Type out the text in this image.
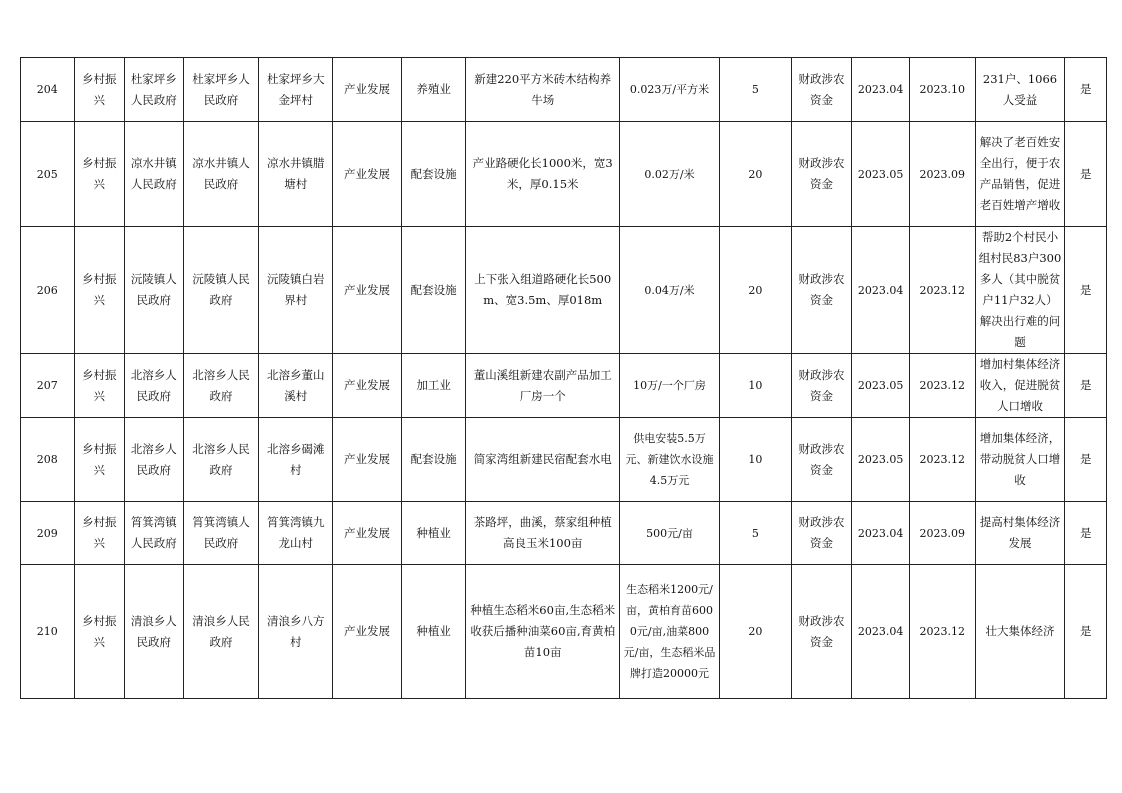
204	乡村振兴	杜家坪乡人民政府	杜家坪乡人民政府	杜家坪乡大金坪村	产业发展	养殖业	新建220平方米砖木结构养牛场	0.023万/平方米	5	财政涉农资金	2023.04	2023.10	231户、1066人受益	是
205	乡村振兴	凉水井镇人民政府	凉水井镇人民政府	凉水井镇腊塘村	产业发展	配套设施	产业路硬化长1000米，宽3米，厚0.15米	0.02万/米	20	财政涉农资金	2023.05	2023.09	解决了老百姓安全出行，便于农产品销售，促进老百姓增产增收	是
206	乡村振兴	沅陵镇人民政府	沅陵镇人民政府	沅陵镇白岩界村	产业发展	配套设施	上下张入组道路硬化长500m、宽3.5m、厚018m	0.04万/米	20	财政涉农资金	2023.04	2023.12	帮助2个村民小组村民83户300多人（其中脱贫户11户32人）解决出行难的问题	是
207	乡村振兴	北溶乡人民政府	北溶乡人民政府	北溶乡董山溪村	产业发展	加工业	董山溪组新建农副产品加工厂房一个	10万/一个厂房	10	财政涉农资金	2023.05	2023.12	增加村集体经济收入，促进脱贫人口增收	是
208	乡村振兴	北溶乡人民政府	北溶乡人民政府	北溶乡碣滩村	产业发展	配套设施	简家湾组新建民宿配套水电	供电安装5.5万元、新建饮水设施4.5万元	10	财政涉农资金	2023.05	2023.12	增加集体经济，带动脱贫人口增收	是
209	乡村振兴	筲箕湾镇人民政府	筲箕湾镇人民政府	筲箕湾镇九龙山村	产业发展	种植业	茶路坪，曲溪，蔡家组种植高良玉米100亩	500元/亩	5	财政涉农资金	2023.04	2023.09	提高村集体经济发展	是
210	乡村振兴	清浪乡人民政府	清浪乡人民政府	清浪乡八方村	产业发展	种植业	种植生态稻米60亩,生态稻米收获后播种油菜60亩,育黄柏苗10亩	生态稻米1200元/亩，黄柏育苗6000元/亩,油菜800元/亩，生态稻米品牌打造20000元	20	财政涉农资金	2023.04	2023.12	壮大集体经济	是
